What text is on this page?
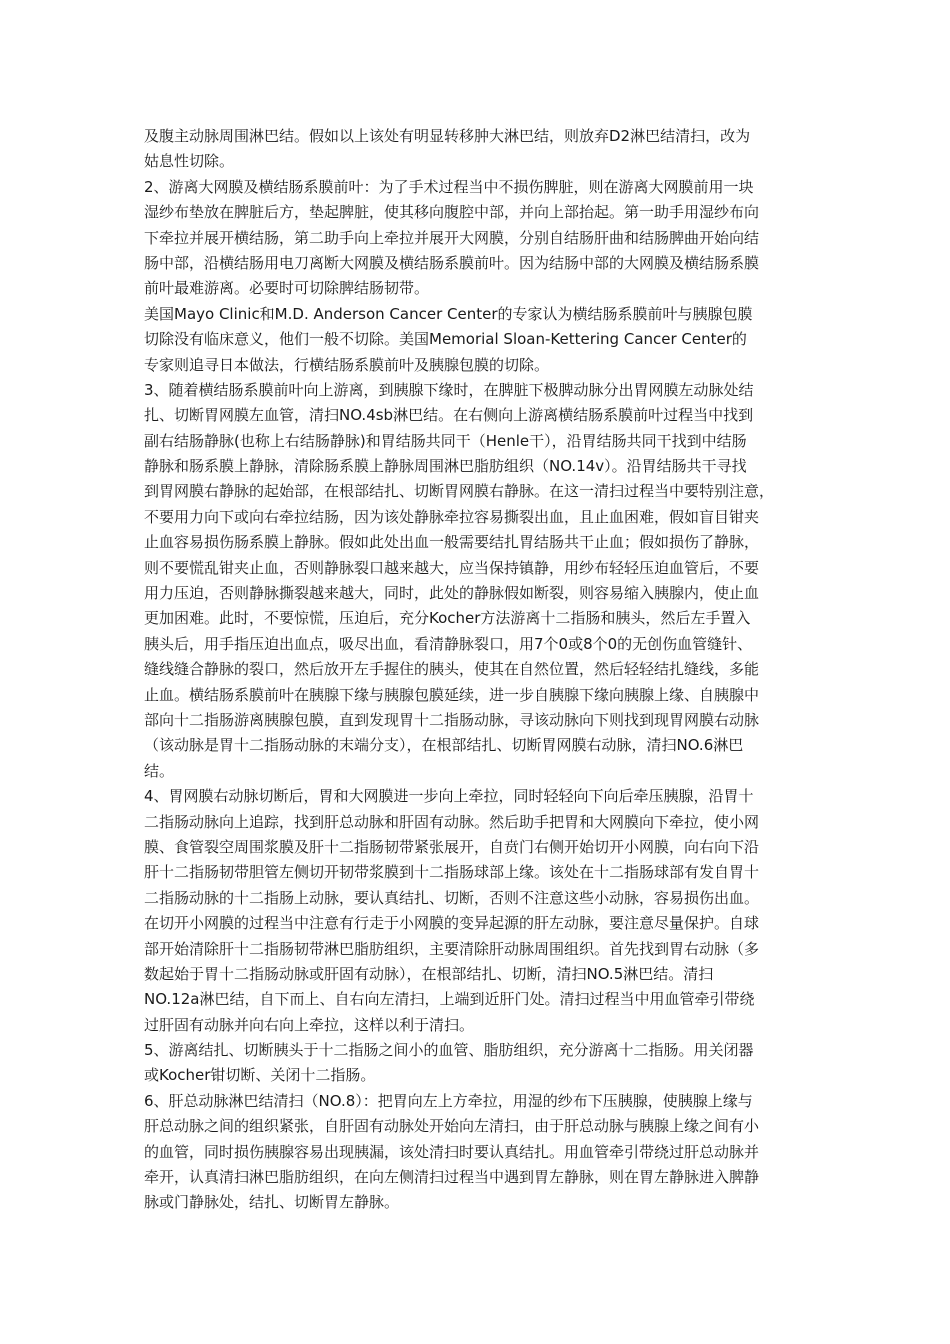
及腹主动脉周围淋巴结。假如以上该处有明显转移肿大淋巴结，则放弃D2淋巴结清扫，改为
姑息性切除。
2、游离大网膜及横结肠系膜前叶：为了手术过程当中不损伤脾脏，则在游离大网膜前用一块
湿纱布垫放在脾脏后方，垫起脾脏，使其移向腹腔中部，并向上部抬起。第一助手用湿纱布向
下牵拉并展开横结肠，第二助手向上牵拉并展开大网膜，分别自结肠肝曲和结肠脾曲开始向结
肠中部，沿横结肠用电刀离断大网膜及横结肠系膜前叶。因为结肠中部的大网膜及横结肠系膜
前叶最难游离。必要时可切除脾结肠韧带。
美国Mayo Clinic和M.D. Anderson Cancer Center的专家认为横结肠系膜前叶与胰腺包膜
切除没有临床意义，他们一般不切除。美国Memorial Sloan-Kettering Cancer Center的
专家则追寻日本做法，行横结肠系膜前叶及胰腺包膜的切除。
3、随着横结肠系膜前叶向上游离，到胰腺下缘时，在脾脏下极脾动脉分出胃网膜左动脉处结
扎、切断胃网膜左血管，清扫NO.4sb淋巴结。在右侧向上游离横结肠系膜前叶过程当中找到
副右结肠静脉(也称上右结肠静脉)和胃结肠共同干（Henle干），沿胃结肠共同干找到中结肠
静脉和肠系膜上静脉，清除肠系膜上静脉周围淋巴脂肪组织（NO.14v）。沿胃结肠共干寻找
到胃网膜右静脉的起始部，在根部结扎、切断胃网膜右静脉。在这一清扫过程当中要特别注意，
不要用力向下或向右牵拉结肠，因为该处静脉牵拉容易撕裂出血，且止血困难，假如盲目钳夹
止血容易损伤肠系膜上静脉。假如此处出血一般需要结扎胃结肠共干止血；假如损伤了静脉，
则不要慌乱钳夹止血，否则静脉裂口越来越大，应当保持镇静，用纱布轻轻压迫血管后，不要
用力压迫，否则静脉撕裂越来越大，同时，此处的静脉假如断裂，则容易缩入胰腺内，使止血
更加困难。此时，不要惊慌，压迫后，充分Kocher方法游离十二指肠和胰头，然后左手置入
胰头后，用手指压迫出血点，吸尽出血，看清静脉裂口，用7个0或8个0的无创伤血管缝针、
缝线缝合静脉的裂口，然后放开左手握住的胰头，使其在自然位置，然后轻轻结扎缝线，多能
止血。横结肠系膜前叶在胰腺下缘与胰腺包膜延续，进一步自胰腺下缘向胰腺上缘、自胰腺中
部向十二指肠游离胰腺包膜，直到发现胃十二指肠动脉，寻该动脉向下则找到现胃网膜右动脉
（该动脉是胃十二指肠动脉的末端分支），在根部结扎、切断胃网膜右动脉，清扫NO.6淋巴
结。
4、胃网膜右动脉切断后，胃和大网膜进一步向上牵拉，同时轻轻向下向后牵压胰腺，沿胃十
二指肠动脉向上追踪，找到肝总动脉和肝固有动脉。然后助手把胃和大网膜向下牵拉，使小网
膜、食管裂空周围浆膜及肝十二指肠韧带紧张展开，自贲门右侧开始切开小网膜，向右向下沿
肝十二指肠韧带胆管左侧切开韧带浆膜到十二指肠球部上缘。该处在十二指肠球部有发自胃十
二指肠动脉的十二指肠上动脉，要认真结扎、切断，否则不注意这些小动脉，容易损伤出血。
在切开小网膜的过程当中注意有行走于小网膜的变异起源的肝左动脉，要注意尽量保护。自球
部开始清除肝十二指肠韧带淋巴脂肪组织，主要清除肝动脉周围组织。首先找到胃右动脉（多
数起始于胃十二指肠动脉或肝固有动脉），在根部结扎、切断，清扫NO.5淋巴结。清扫
NO.12a淋巴结，自下而上、自右向左清扫，上端到近肝门处。清扫过程当中用血管牵引带绕
过肝固有动脉并向右向上牵拉，这样以利于清扫。
5、游离结扎、切断胰头于十二指肠之间小的血管、脂肪组织，充分游离十二指肠。用关闭器
或Kocher钳切断、关闭十二指肠。
6、肝总动脉淋巴结清扫（NO.8）：把胃向左上方牵拉，用湿的纱布下压胰腺，使胰腺上缘与
肝总动脉之间的组织紧张，自肝固有动脉处开始向左清扫，由于肝总动脉与胰腺上缘之间有小
的血管，同时损伤胰腺容易出现胰漏，该处清扫时要认真结扎。用血管牵引带绕过肝总动脉并
牵开，认真清扫淋巴脂肪组织，在向左侧清扫过程当中遇到胃左静脉，则在胃左静脉进入脾静
脉或门静脉处，结扎、切断胃左静脉。
